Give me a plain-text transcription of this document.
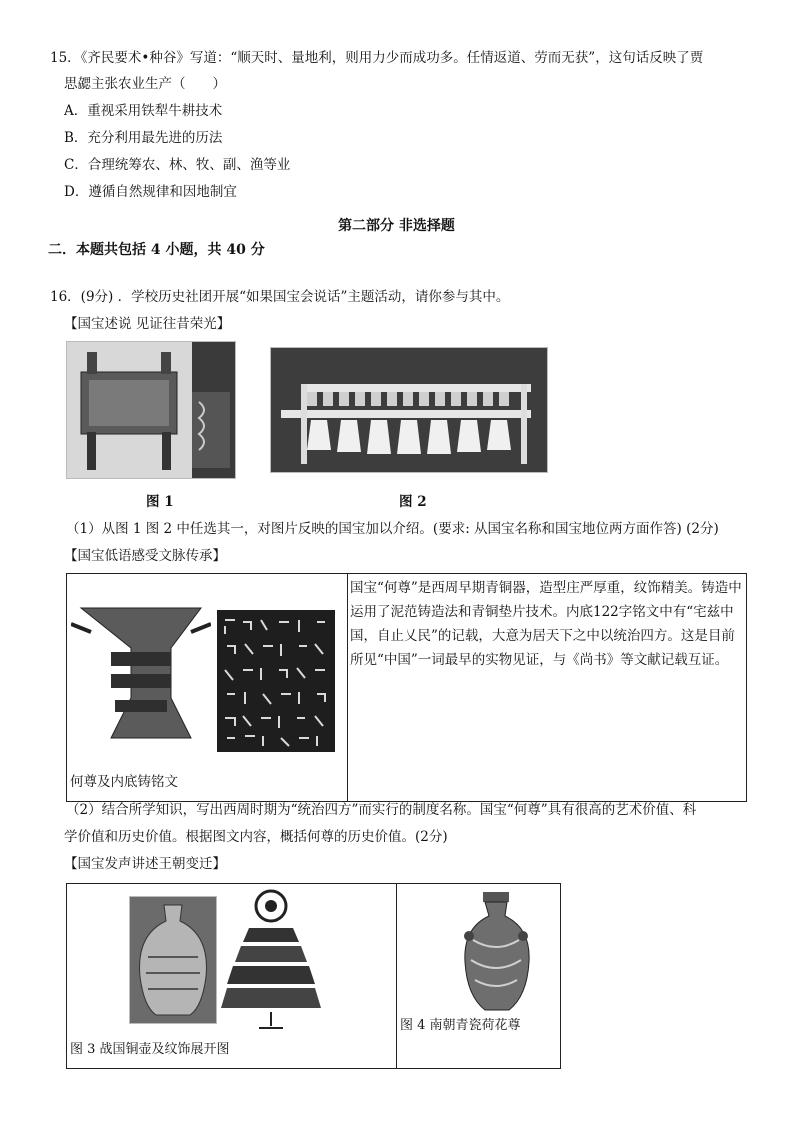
15．《齐民要术•种谷》写道：“顺天时、量地利，则用力少而成功多。任情返道、劳而无获”，这句话反映了贾
思勰主张农业生产（　　）
A．重视采用铁犁牛耕技术
B．充分利用最先进的历法
C．合理统筹农、林、牧、副、渔等业
D．遵循自然规律和因地制宜
第二部分 非选择题
二．本题共包括 4 小题，共 40 分
16．(9分) ．学校历史社团开展“如果国宝会说话”主题活动，请你参与其中。
【国宝述说 见证往昔荣光】
图 1	图 2
（1）从图 1 图 2 中任选其一，对图片反映的国宝加以介绍。(要求: 从国宝名称和国宝地位两方面作答) (2分)
【国宝低语感受文脉传承】
何尊及内底铸铭文
国宝“何尊”是西周早期青铜器，造型庄严厚重，纹饰精美。铸造中运用了泥范铸造法和青铜垫片技术。内底122字铭文中有“宅兹中国，自止乂民”的记载，大意为居天下之中以统治四方。这是目前所见“中国”一词最早的实物见证，与《尚书》等文献记载互证。
（2）结合所学知识，写出西周时期为“统治四方”而实行的制度名称。国宝“何尊”具有很高的艺术价值、科
学价值和历史价值。根据图文内容，概括何尊的历史价值。(2分)
【国宝发声讲述王朝变迁】
图 3 战国铜壶及纹饰展开图
图 4 南朝青瓷荷花尊
